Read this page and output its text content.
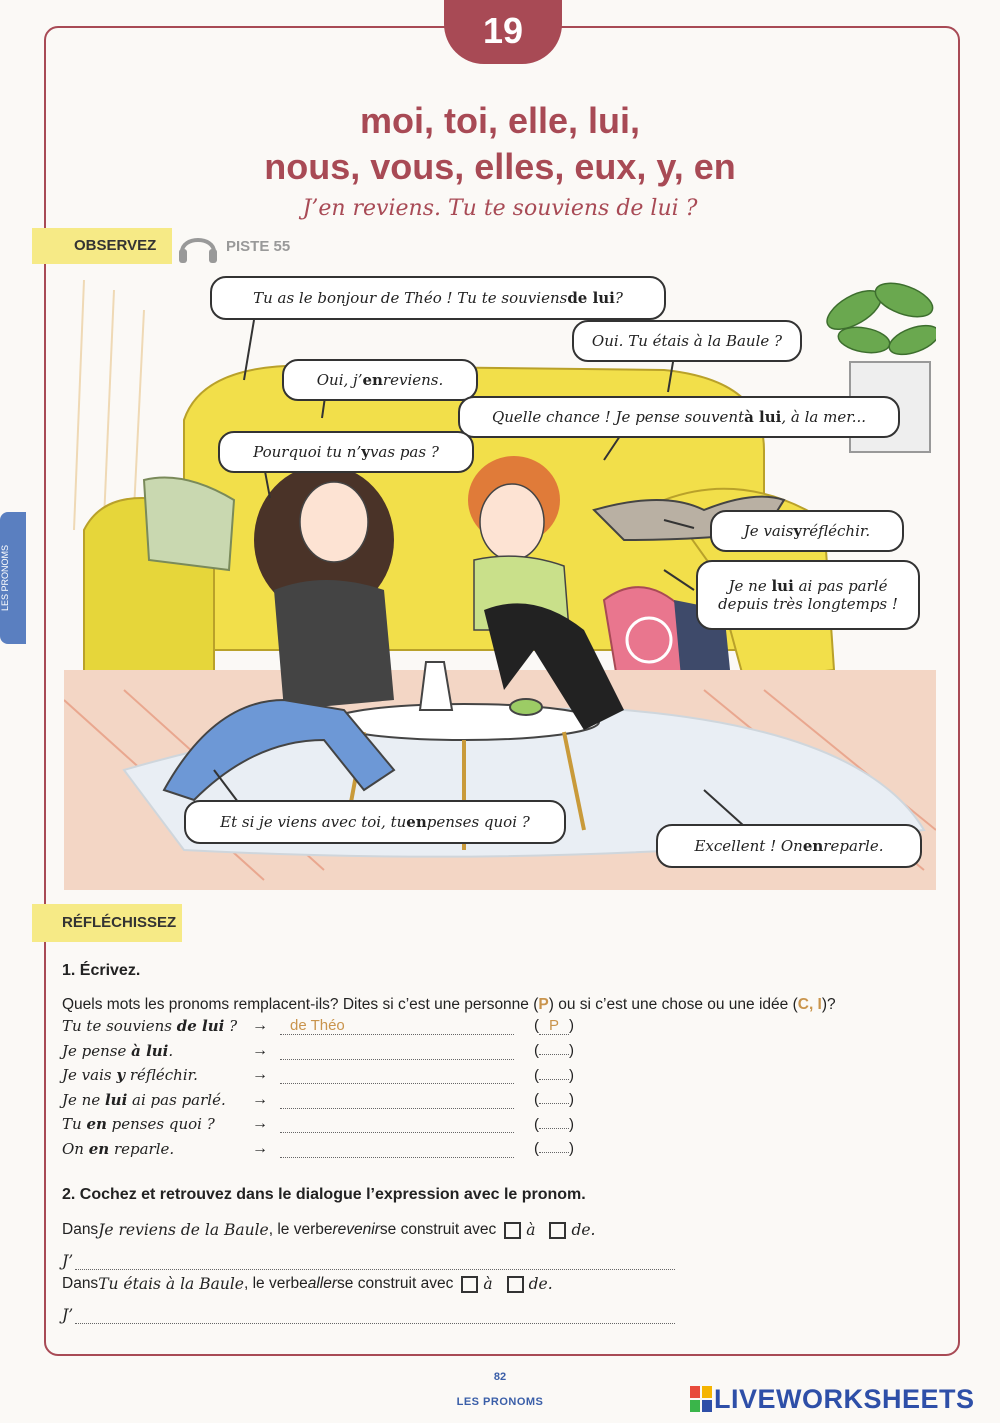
19
moi, toi, elle, lui,
nous, vous, elles, eux, y, en
J’en reviens. Tu te souviens de lui ?
OBSERVEZ	PISTE 55
LES PRONOMS
Tu as le bonjour de Théo ! Tu te souviens de lui ?
Oui. Tu étais à la Baule ?
Oui, j’ en reviens.
Quelle chance ! Je pense souvent à lui , à la mer...
Pourquoi tu n’ y vas pas ?
Je vais y réfléchir.
Je ne lui ai pas parlé
depuis très longtemps !
Et si je viens avec toi, tu en penses quoi ?
Excellent ! On en reparle.
RÉFLÉCHISSEZ
1. Écrivez.
Quels mots les pronoms remplacent-ils? Dites si c’est une personne (P) ou si c’est une chose ou une idée (C, I)?
Tu te souviens de lui ? →	de Théo	( P )
Je pense à lui.	→	( )
Je vais y réfléchir.	→	( )
Je ne lui ai pas parlé.	→	( )
Tu en penses quoi ?	→	( )
On en reparle.	→	( )
2. Cochez et retrouvez dans le dialogue l’expression avec le pronom.
Dans Je reviens de la Baule , le verbe revenir se construit avec à de.
J’
Dans Tu étais à la Baule , le verbe aller se construit avec à de.
J’
82
LES PRONOMS	LIVEWORKSHEETS
